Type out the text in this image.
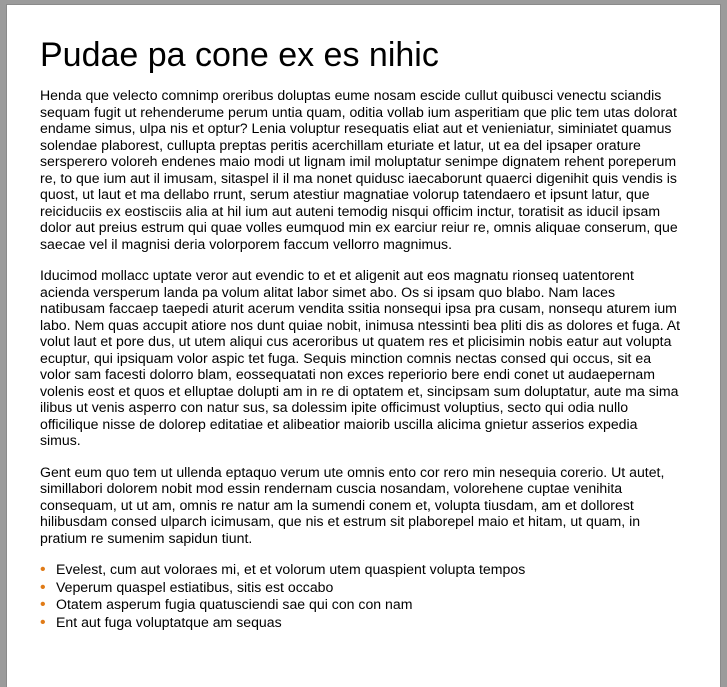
Pudae pa cone ex es nihic

Henda que velecto comnimp oreribus doluptas eume nosam escide cullut quibusci venectu sciandis sequam fugit ut rehenderume perum untia quam, oditia vollab ium asperitiam que plic tem utas dolorat endame simus, ulpa nis et optur? Lenia voluptur resequatis eliat aut et venieniatur, siminiatet quamus solendae plaborest, cullupta preptas peritis acerchillam eturiate et latur, ut ea del ipsaper orature sersperero voloreh endenes maio modi ut lignam imil moluptatur senimpe dignatem rehent poreperum re, to que ium aut il imusam, sitaspel il il ma nonet quidusc iaecaborunt quaerci digenihit quis vendis is quost, ut laut et ma dellabo rrunt, serum atestiur magnatiae volorup tatendaero et ipsunt latur, que reiciduciis ex eostisciis alia at hil ium aut auteni temodig nisqui officim inctur, toratisit as iducil ipsam dolor aut preius estrum qui quae volles eumquod min ex earciur reiur re, omnis aliquae conserum, que saecae vel il magnisi deria volorporem faccum vellorro magnimus.

Iducimod mollacc uptate veror aut evendic to et et aligenit aut eos magnatu rionseq uatentorent acienda versperum landa pa volum alitat labor simet abo. Os si ipsam quo blabo. Nam laces natibusam faccaep taepedi aturit acerum vendita ssitia nonsequi ipsa pra cusam, nonsequ aturem ium labo. Nem quas accupit atiore nos dunt quiae nobit, inimusa ntessinti bea pliti dis as dolores et fuga. At volut laut et pore dus, ut utem aliqui cus aceroribus ut quatem res et plicisimin nobis eatur aut volupta ecuptur, qui ipsiquam volor aspic tet fuga. Sequis minction comnis nectas consed qui occus, sit ea volor sam facesti dolorro blam, eossequatati non exces reperiorio bere endi conet ut audaepernam volenis eost et quos et elluptae dolupti am in re di optatem et, sincipsam sum doluptatur, aute ma sima ilibus ut venis asperro con natur sus, sa dolessim ipite officimust voluptius, secto qui odia nullo officilique nisse de dolorep editatiae et alibeatior maiorib uscilla alicima gnietur asserios expedia simus.

Gent eum quo tem ut ullenda eptaquo verum ute omnis ento cor rero min nesequia corerio. Ut autet, simillabori dolorem nobit mod essin rendernam cuscia nosandam, volorehene cuptae venihita consequam, ut ut am, omnis re natur am la sumendi conem et, volupta tiusdam, am et dollorest hilibusdam consed ulparch icimusam, que nis et estrum sit plaborepel maio et hitam, ut quam, in pratium re sumenim sapidun tiunt.

• Evelest, cum aut voloraes mi, et et volorum utem quaspient volupta tempos
• Veperum quaspel estiatibus, sitis est occabo
• Otatem asperum fugia quatusciendi sae qui con con nam
• Ent aut fuga voluptatque am sequas
